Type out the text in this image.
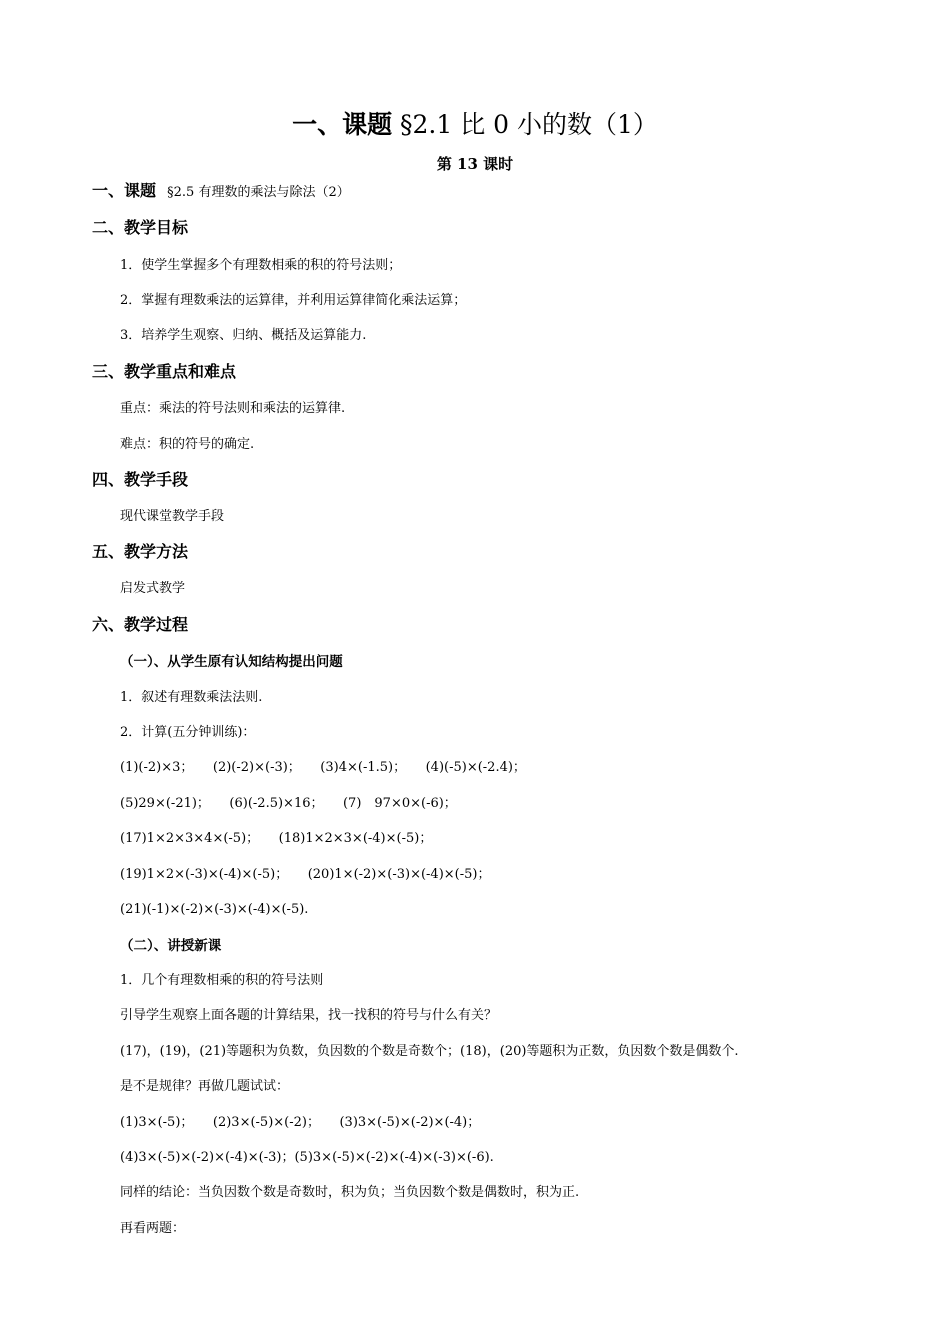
一、课题 §2.1 比 0 小的数（1）
第 13 课时
一、课题 §2.5 有理数的乘法与除法（2）
二、教学目标
1．使学生掌握多个有理数相乘的积的符号法则；
2．掌握有理数乘法的运算律，并利用运算律简化乘法运算；
3．培养学生观察、归纳、概括及运算能力.
三、教学重点和难点
重点：乘法的符号法则和乘法的运算律.
难点：积的符号的确定.
四、教学手段
现代课堂教学手段
五、教学方法
启发式教学
六、教学过程
（一）、从学生原有认知结构提出问题
1．叙述有理数乘法法则.
2．计算(五分钟训练)：
(1)(-2)×3；　　(2)(-2)×(-3)；　　(3)4×(-1.5)；　　(4)(-5)×(-2.4)；
(5)29×(-21)；　　(6)(-2.5)×16；　　(7)　97×0×(-6)；
(17)1×2×3×4×(-5)；　　(18)1×2×3×(-4)×(-5)；
(19)1×2×(-3)×(-4)×(-5)；　　(20)1×(-2)×(-3)×(-4)×(-5)；
(21)(-1)×(-2)×(-3)×(-4)×(-5).
（二）、讲授新课
1．几个有理数相乘的积的符号法则
引导学生观察上面各题的计算结果，找一找积的符号与什么有关？
(17)，(19)，(21)等题积为负数，负因数的个数是奇数个；(18)，(20)等题积为正数，负因数个数是偶数个.
是不是规律？再做几题试试：
(1)3×(-5)；　　(2)3×(-5)×(-2)；　　(3)3×(-5)×(-2)×(-4)；
(4)3×(-5)×(-2)×(-4)×(-3)；(5)3×(-5)×(-2)×(-4)×(-3)×(-6).
同样的结论：当负因数个数是奇数时，积为负；当负因数个数是偶数时，积为正.
再看两题：
